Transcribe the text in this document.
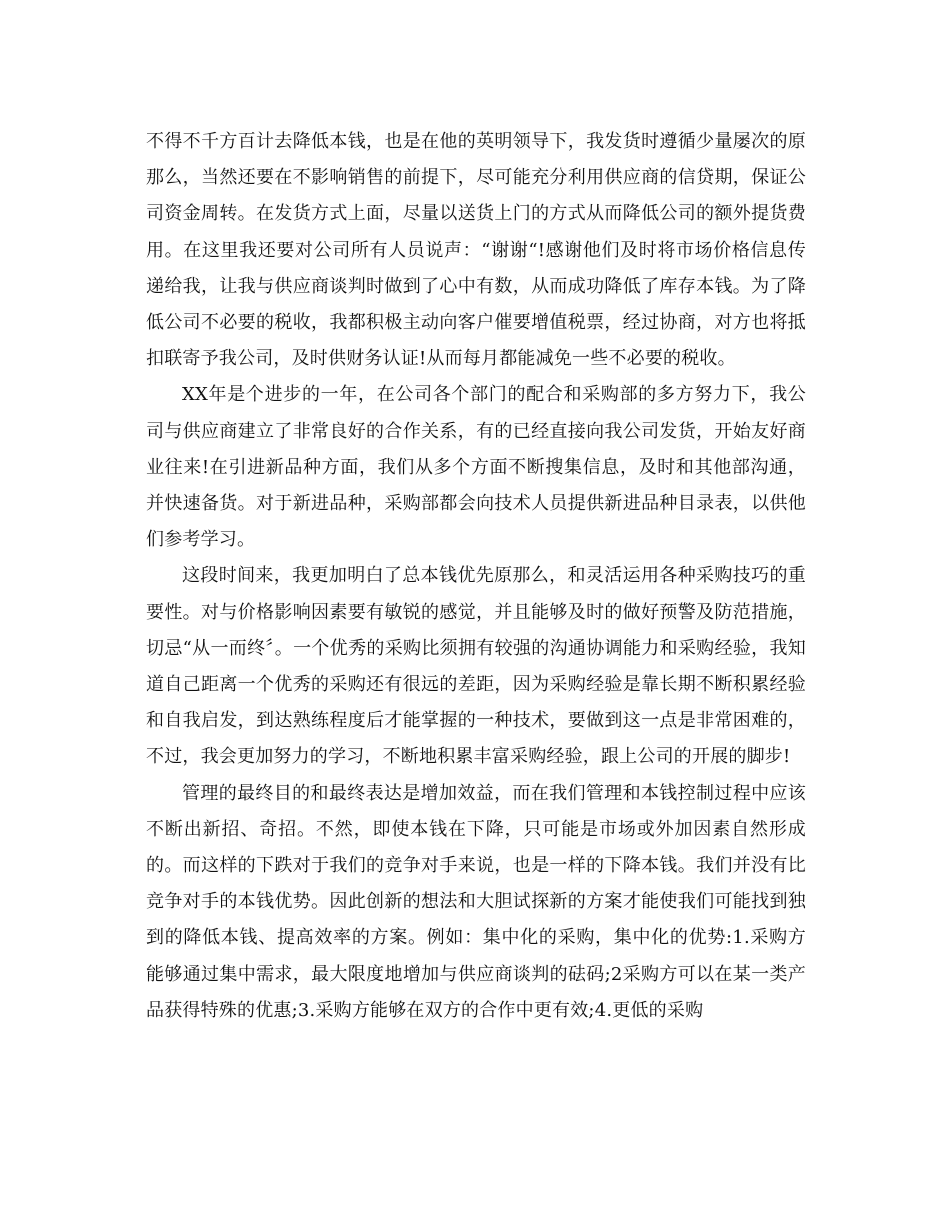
不得不千方百计去降低本钱，也是在他的英明领导下，我发货时遵循少量屡次的原那么，当然还要在不影响销售的前提下，尽可能充分利用供应商的信贷期，保证公司资金周转。在发货方式上面，尽量以送货上门的方式从而降低公司的额外提货费用。在这里我还要对公司所有人员说声：“谢谢“!感谢他们及时将市场价格信息传递给我，让我与供应商谈判时做到了心中有数，从而成功降低了库存本钱。为了降低公司不必要的税收，我都积极主动向客户催要增值税票，经过协商，对方也将抵扣联寄予我公司，及时供财务认证!从而每月都能减免一些不必要的税收。

XX年是个进步的一年，在公司各个部门的配合和采购部的多方努力下，我公司与供应商建立了非常良好的合作关系，有的已经直接向我公司发货，开始友好商业往来!在引进新品种方面，我们从多个方面不断搜集信息，及时和其他部沟通，并快速备货。对于新进品种，采购部都会向技术人员提供新进品种目录表，以供他们参考学习。

这段时间来，我更加明白了总本钱优先原那么，和灵活运用各种采购技巧的重要性。对与价格影响因素要有敏锐的感觉，并且能够及时的做好预警及防范措施，切忌“从一而终〞。一个优秀的采购比须拥有较强的沟通协调能力和采购经验，我知道自己距离一个优秀的采购还有很远的差距，因为采购经验是靠长期不断积累经验和自我启发，到达熟练程度后才能掌握的一种技术，要做到这一点是非常困难的，不过，我会更加努力的学习，不断地积累丰富采购经验，跟上公司的开展的脚步!

管理的最终目的和最终表达是增加效益，而在我们管理和本钱控制过程中应该不断出新招、奇招。不然，即使本钱在下降，只可能是市场或外加因素自然形成的。而这样的下跌对于我们的竞争对手来说，也是一样的下降本钱。我们并没有比竞争对手的本钱优势。因此创新的想法和大胆试探新的方案才能使我们可能找到独到的降低本钱、提高效率的方案。例如：集中化的采购，集中化的优势:1.采购方能够通过集中需求，最大限度地增加与供应商谈判的砝码;2采购方可以在某一类产品获得特殊的优惠;3.采购方能够在双方的合作中更有效;4.更低的采购
